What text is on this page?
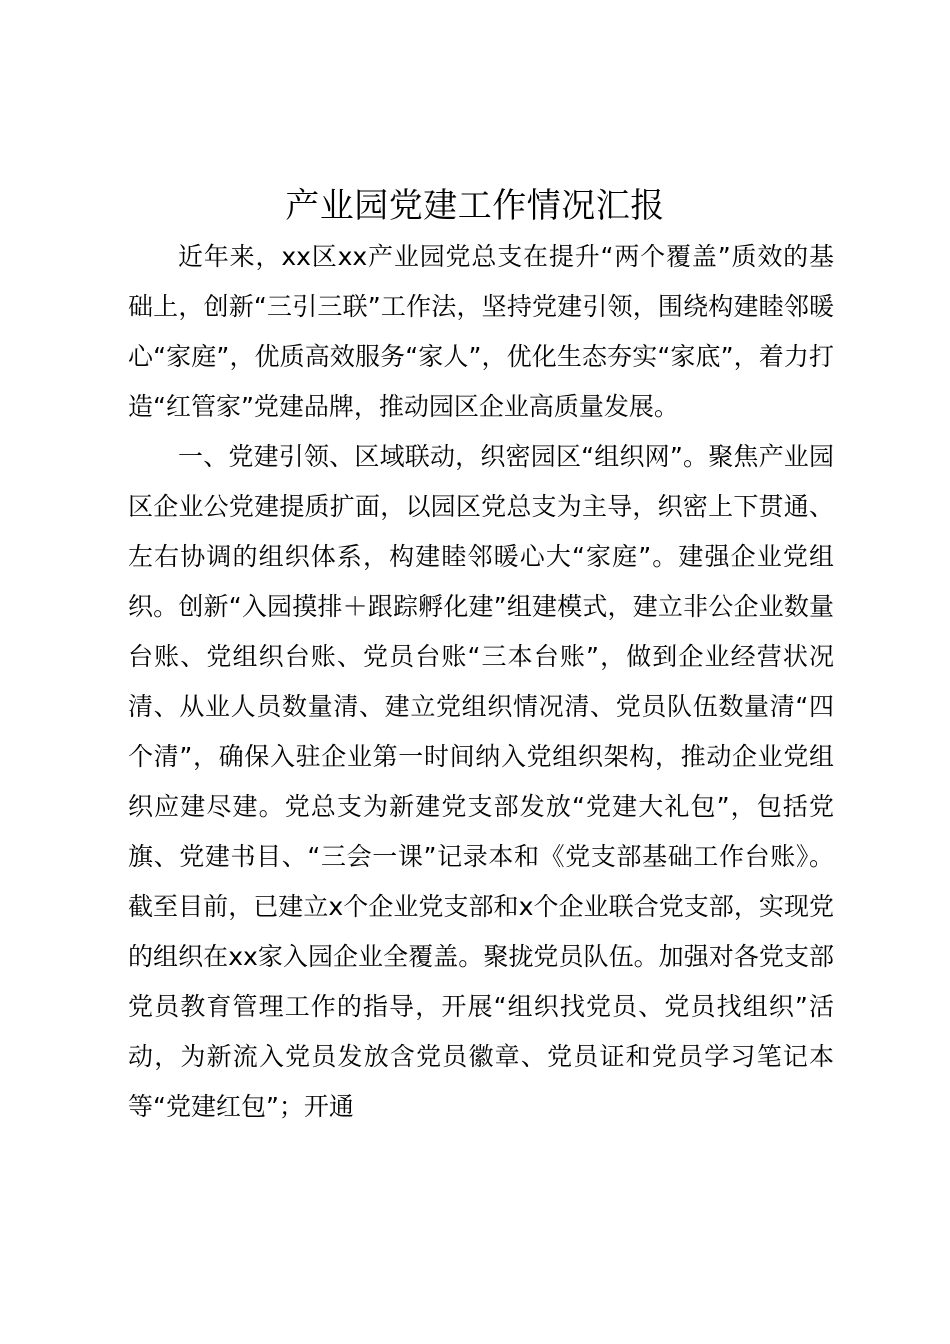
产业园党建工作情况汇报

近年来，xx区xx产业园党总支在提升“两个覆盖”质效的基础上，创新“三引三联”工作法，坚持党建引领，围绕构建睦邻暖心“家庭”，优质高效服务“家人”，优化生态夯实“家底”，着力打造“红管家”党建品牌，推动园区企业高质量发展。

一、党建引领、区域联动，织密园区“组织网”。聚焦产业园区企业公党建提质扩面，以园区党总支为主导，织密上下贯通、左右协调的组织体系，构建睦邻暖心大“家庭”。建强企业党组织。创新“入园摸排＋跟踪孵化建”组建模式，建立非公企业数量台账、党组织台账、党员台账“三本台账”，做到企业经营状况清、从业人员数量清、建立党组织情况清、党员队伍数量清“四个清”，确保入驻企业第一时间纳入党组织架构，推动企业党组织应建尽建。党总支为新建党支部发放“党建大礼包”，包括党旗、党建书目、“三会一课”记录本和《党支部基础工作台账》。截至目前，已建立x个企业党支部和x个企业联合党支部，实现党的组织在xx家入园企业全覆盖。聚拢党员队伍。加强对各党支部党员教育管理工作的指导，开展“组织找党员、党员找组织”活动，为新流入党员发放含党员徽章、党员证和党员学习笔记本等“党建红包”；开通
